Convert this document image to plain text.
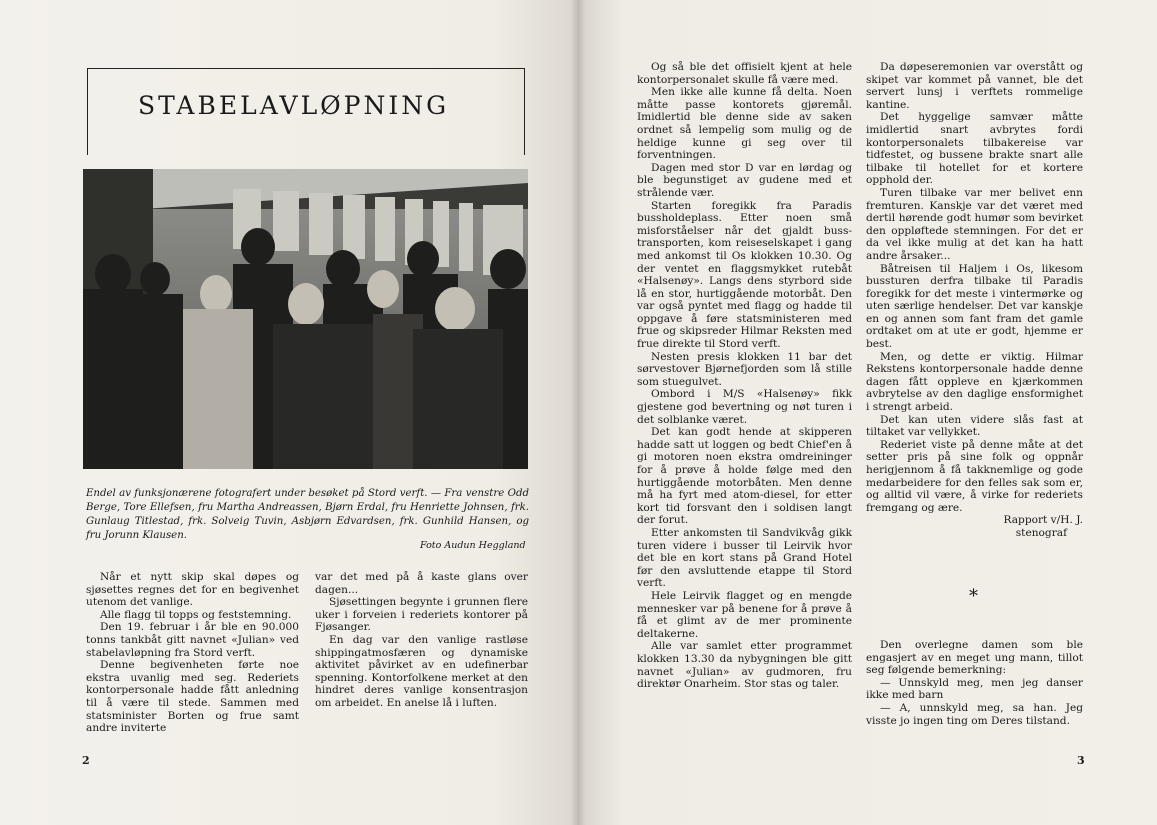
STABELAVLØPNING

Endel av funksjonærene fotografert under besøket på Stord verft. — Fra venstre Odd Berge, Tore Ellefsen, fru Martha Andreassen, Bjørn Erdal, fru Henriette Johnsen, frk. Gunlaug Titlestad, frk. Solveig Tuvin, Asbjørn Edvardsen, frk. Gunhild Hansen, og fru Jorunn Klausen.

Foto Audun Heggland

Når et nytt skip skal døpes og sjøsettes regnes det for en begivenhet utenom det vanlige.

Alle flagg til topps og feststemning.

Den 19. februar i år ble en 90.000 tonns tankbåt gitt navnet «Julian» ved stabelavløpning fra Stord verft.

Denne begivenheten førte noe ekstra uvanlig med seg. Rederiets kontorpersonale hadde fått anledning til å være til stede. Sammen med statsminister Borten og frue samt andre inviterte

var det med på å kaste glans over dagen...

Sjøsettingen begynte i grunnen flere uker i forveien i rederiets kontorer på Fjøsanger.

En dag var den vanlige rastløse shippingatmosfæren og dynamiske aktivitet påvirket av en udefinerbar spenning. Kontorfolkene merket at den hindret deres vanlige konsentrasjon om arbeidet. En anelse lå i luften.

2

Og så ble det offisielt kjent at hele kontorpersonalet skulle få være med.

Men ikke alle kunne få delta. Noen måtte passe kontorets gjøremål. Imidlertid ble denne side av saken ordnet så lempelig som mulig og de heldige kunne gi seg over til forventningen.

Dagen med stor D var en lørdag og ble begunstiget av gudene med et strålende vær.

Starten foregikk fra Paradis bussholdeplass. Etter noen små misforståelser når det gjaldt buss-transporten, kom reiseselskapet i gang med ankomst til Os klokken 10.30. Og der ventet en flaggsmykket rutebåt «Halsenøy». Langs dens styrbord side lå en stor, hurtiggående motorbåt. Den var også pyntet med flagg og hadde til oppgave å føre statsministeren med frue og skipsreder Hilmar Reksten med frue direkte til Stord verft.

Nesten presis klokken 11 bar det sørvestover Bjørnefjorden som lå stille som stuegulvet.

Ombord i M/S «Halsenøy» fikk gjestene god bevertning og nøt turen i det solblanke været.

Det kan godt hende at skipperen hadde satt ut loggen og bedt Chief'en å gi motoren noen ekstra omdreininger for å prøve å holde følge med den hurtiggående motorbåten. Men denne må ha fyrt med atom-diesel, for etter kort tid forsvant den i soldisen langt der forut.

Etter ankomsten til Sandvikvåg gikk turen videre i busser til Leirvik hvor det ble en kort stans på Grand Hotel før den avsluttende etappe til Stord verft.

Hele Leirvik flagget og en mengde mennesker var på benene for å prøve å få et glimt av de mer prominente deltakerne.

Alle var samlet etter programmet klokken 13.30 da nybygningen ble gitt navnet «Julian» av gudmoren, fru direktør Onarheim. Stor stas og taler.

Da døpeseremonien var overstått og skipet var kommet på vannet, ble det servert lunsj i verftets rommelige kantine.

Det hyggelige samvær måtte imidlertid snart avbrytes fordi kontorpersonalets tilbakereise var tidfestet, og bussene brakte snart alle tilbake til hotellet for et kortere opphold der.

Turen tilbake var mer belivet enn fremturen. Kanskje var det været med dertil hørende godt humør som bevirket den oppløftede stemningen. For det er da vel ikke mulig at det kan ha hatt andre årsaker...

Båtreisen til Haljem i Os, likesom bussturen derfra tilbake til Paradis foregikk for det meste i vintermørke og uten særlige hendelser. Det var kanskje en og annen som fant fram det gamle ordtaket om at ute er godt, hjemme er best.

Men, og dette er viktig. Hilmar Rekstens kontorpersonale hadde denne dagen fått oppleve en kjærkommen avbrytelse av den daglige ensformighet i strengt arbeid.

Det kan uten videre slås fast at tiltaket var vellykket.

Rederiet viste på denne måte at det setter pris på sine folk og oppnår herigjennom å få takknemlige og gode medarbeidere for den felles sak som er, og alltid vil være, å virke for rederiets fremgang og ære.

Rapport v/H. J.

stenograf

⁎

Den overlegne damen som ble engasjert av en meget ung mann, tillot seg følgende bemerkning:

— Unnskyld meg, men jeg danser ikke med barn

— A, unnskyld meg, sa han. Jeg visste jo ingen ting om Deres tilstand.

3
